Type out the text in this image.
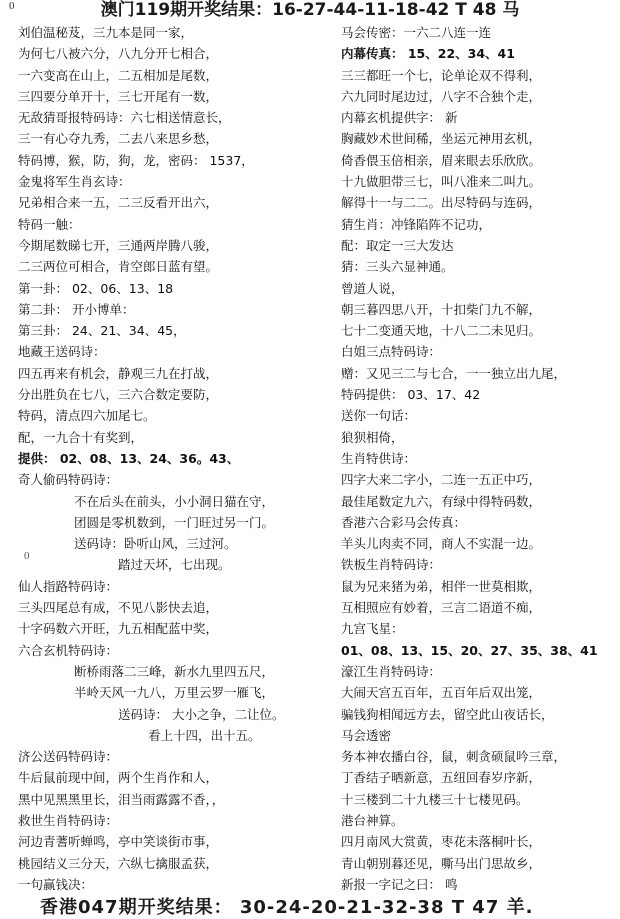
0	澳门119期开奖结果：16-27-44-11-18-42 T 48 马
刘伯温秘芨，三九本是同一家，
为何七八被六分，八九分开七相合，
一六变高在山上，二五相加是尾数，
三四要分单开十，三七开尾有一数，
无敌猜哥报特码诗：六七相送情意长，
三一有心夺九秀，二去八来思乡愁，
特码博，猴，防，狗，龙，密码： 1537，
金鬼将军生肖玄诗：
兄弟相合来一五，二三反看开出六，
特码一触：
今期尾数睇七开，三通两岸腾八骏，
二三两位可相合，肯空郎日蓝有望。
第一卦： 02、06、13、18
第二卦： 开小博单：
第三卦： 24、21、34、45，
地藏王送码诗：
四五再来有机会，静观三九在打战，
分出胜负在七八，三六合数定要防，
特码，清点四六加尾七。
配，一九合十有奖到，
提供： 02、08、13、24、36。43、
奇人偷码特码诗：
不在后头在前头，小小洞日猫在守，
团圆是零机数到，一门旺过另一门。
送码诗：卧听山风，三过河。
踏过天坏，七出现。
仙人指路特码诗：
三头四尾总有成，不见八影快去追，
十字码数六开旺，九五相配蓝中奖，
六合玄机特码诗：
断桥雨落二三峰，新水九里四五尺，
半岭天风一九八，万里云罗一雁飞，
送码诗： 大小之争，二让位。
看上十四，出十五。
济公送码特码诗：
牛后鼠前现中间，两个生肖作和人，
黑中见黑黑里长，泪当雨露露不香，，
救世生肖特码诗：
河边青蓍听蝉鸣，亭中笑谈街市事，
桃园结义三分天，六纵七擒服孟获，
一句赢钱决：
马会传密：一六二八连一连
内幕传真： 15、22、34、41
三三都旺一个七，论单论双不得利，
六九同时尾边过，八字不合独个走，
内幕玄机提供字： 新
胸藏妙术世间稀，坐运元神用玄机，
倚香偎玉倍相亲，眉来眼去乐欣欣。
十九做胆带三七，叫八准来二叫九。
解得十一与二二。出尽特码与连码，
猜生肖：冲锋陷阵不记功，
配：取定一三大发达
猜：三头六显神通。
曾道人说，
朝三暮四思八开，十扣柴门九不解，
七十二变通天地，十八二二未见归。
白姐三点特码诗：
赠：又见三二与七合，一一独立出九尾，
特码提供： 03、17、42
送你一句话：
狼狈相倚，
生肖特供诗：
四字大来二字小，二连一五正中巧，
最佳尾数定九六，有绿中得特码数，
香港六合彩马会传真：
羊头儿肉卖不同，商人不实混一边。
铁板生肖特码诗：
鼠为兄来猪为弟，相伴一世莫相欺，
互相照应有妙着，三言二语道不痴，
九宫飞星：
01、08、13、15、20、27、35、38、41
濠江生肖特码诗：
大闹天宫五百年，五百年后双出笼，
骗钱狗相闻远方去，留空此山夜话长，
马会透密
务本神农播白谷，鼠，刺贪硕鼠吟三章，
丁香结子晒新意，五纽回春岁序新，
十三楼到二十九楼三十七楼见码。
港台神算。
四月南风大赏黄，枣花未落桐叶长，
青山朝别暮还见，嘶马出门思故乡，
新报一字记之曰： 鸣
0
香港047期开奖结果： 30-24-20-21-32-38 T 47 羊.
